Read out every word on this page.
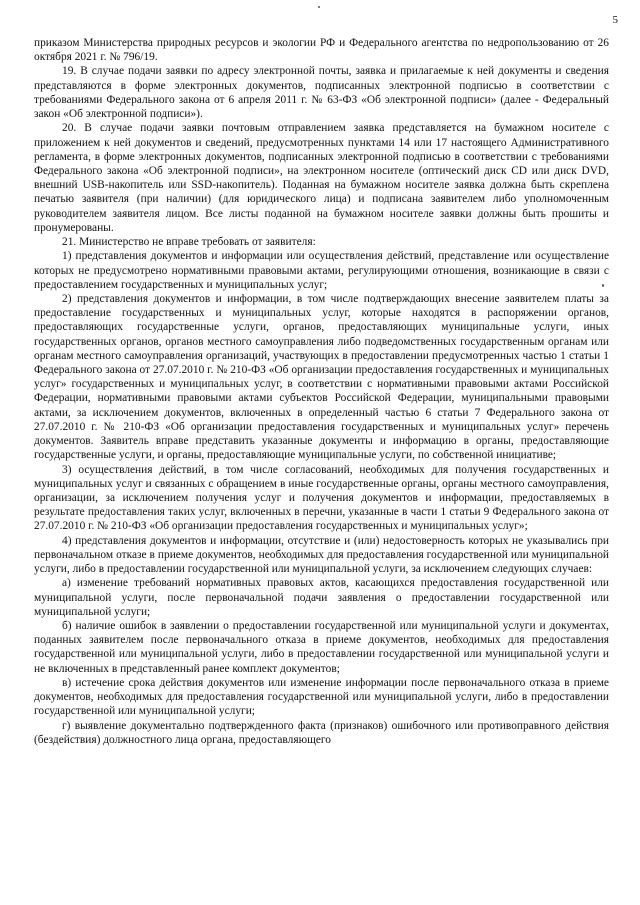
5

приказом Министерства природных ресурсов и экологии РФ и Федерального агентства по недропользованию от 26 октября 2021 г. № 796/19.

19. В случае подачи заявки по адресу электронной почты, заявка и прилагаемые к ней документы и сведения представляются в форме электронных документов, подписанных электронной подписью в соответствии с требованиями Федерального закона от 6 апреля 2011 г. № 63-ФЗ «Об электронной подписи» (далее - Федеральный закон «Об электронной подписи»).

20. В случае подачи заявки почтовым отправлением заявка представляется на бумажном носителе с приложением к ней документов и сведений, предусмотренных пунктами 14 или 17 настоящего Административного регламента, в форме электронных документов, подписанных электронной подписью в соответствии с требованиями Федерального закона «Об электронной подписи», на электронном носителе (оптический диск CD или диск DVD, внешний USB-накопитель или SSD-накопитель). Поданная на бумажном носителе заявка должна быть скреплена печатью заявителя (при наличии) (для юридического лица) и подписана заявителем либо уполномоченным руководителем заявителя лицом. Все листы поданной на бумажном носителе заявки должны быть прошиты и пронумерованы.

21. Министерство не вправе требовать от заявителя:

1) представления документов и информации или осуществления действий, представление или осуществление которых не предусмотрено нормативными правовыми актами, регулирующими отношения, возникающие в связи с предоставлением государственных и муниципальных услуг;

2) представления документов и информации, в том числе подтверждающих внесение заявителем платы за предоставление государственных и муниципальных услуг, которые находятся в распоряжении органов, предоставляющих государственные услуги, органов, предоставляющих муниципальные услуги, иных государственных органов, органов местного самоуправления либо подведомственных государственным органам или органам местного самоуправления организаций, участвующих в предоставлении предусмотренных частью 1 статьи 1 Федерального закона от 27.07.2010 г. № 210-ФЗ «Об организации предоставления государственных и муниципальных услуг» государственных и муниципальных услуг, в соответствии с нормативными правовыми актами Российской Федерации, нормативными правовыми актами субъектов Российской Федерации, муниципальными правовыми актами, за исключением документов, включенных в определенный частью 6 статьи 7 Федерального закона от 27.07.2010 г. № 210-ФЗ «Об организации предоставления государственных и муниципальных услуг» перечень документов. Заявитель вправе представить указанные документы и информацию в органы, предоставляющие государственные услуги, и органы, предоставляющие муниципальные услуги, по собственной инициативе;

3) осуществления действий, в том числе согласований, необходимых для получения государственных и муниципальных услуг и связанных с обращением в иные государственные органы, органы местного самоуправления, организации, за исключением получения услуг и получения документов и информации, предоставляемых в результате предоставления таких услуг, включенных в перечни, указанные в части 1 статьи 9 Федерального закона от 27.07.2010 г. № 210-ФЗ «Об организации предоставления государственных и муниципальных услуг»;

4) представления документов и информации, отсутствие и (или) недостоверность которых не указывались при первоначальном отказе в приеме документов, необходимых для предоставления государственной или муниципальной услуги, либо в предоставлении государственной или муниципальной услуги, за исключением следующих случаев:

а) изменение требований нормативных правовых актов, касающихся предоставления государственной или муниципальной услуги, после первоначальной подачи заявления о предоставлении государственной или муниципальной услуги;

б) наличие ошибок в заявлении о предоставлении государственной или муниципальной услуги и документах, поданных заявителем после первоначального отказа в приеме документов, необходимых для предоставления государственной или муниципальной услуги, либо в предоставлении государственной или муниципальной услуги и не включенных в представленный ранее комплект документов;

в) истечение срока действия документов или изменение информации после первоначального отказа в приеме документов, необходимых для предоставления государственной или муниципальной услуги, либо в предоставлении государственной или муниципальной услуги;

г) выявление документально подтвержденного факта (признаков) ошибочного или противоправного действия (бездействия) должностного лица органа, предоставляющего
